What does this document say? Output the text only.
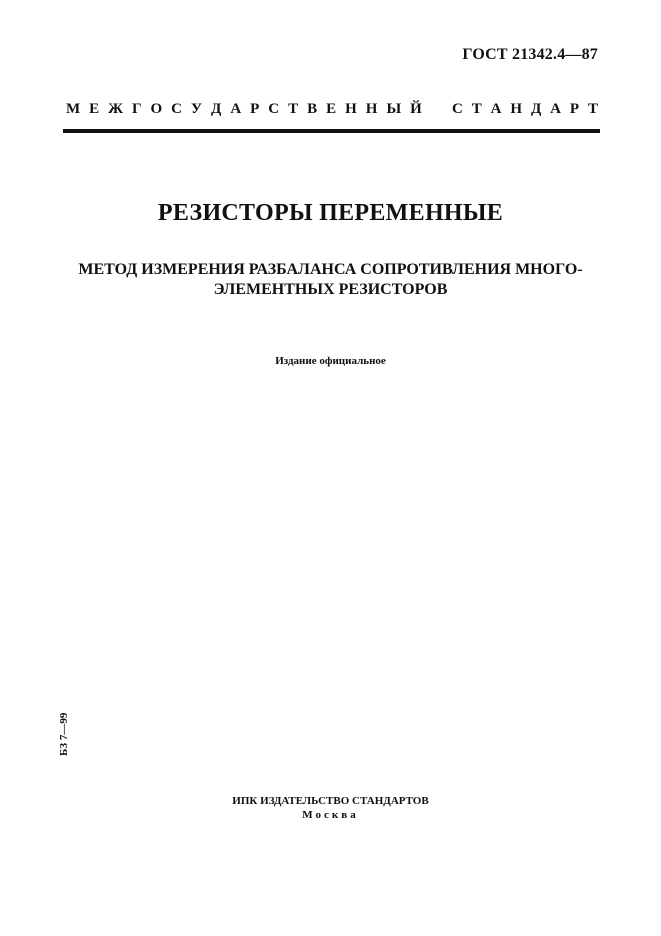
ГОСТ 21342.4—87
М Е Ж Г О С У Д А Р С Т В Е Н Н Ы Й С Т А Н Д А Р Т
РЕЗИСТОРЫ ПЕРЕМЕННЫЕ
МЕТОД ИЗМЕРЕНИЯ РАЗБАЛАНСА СОПРОТИВЛЕНИЯ МНОГО-
ЭЛЕМЕНТНЫХ РЕЗИСТОРОВ
Издание официальное
БЗ 7—99
ИПК ИЗДАТЕЛЬСТВО СТАНДАРТОВ
Москва
